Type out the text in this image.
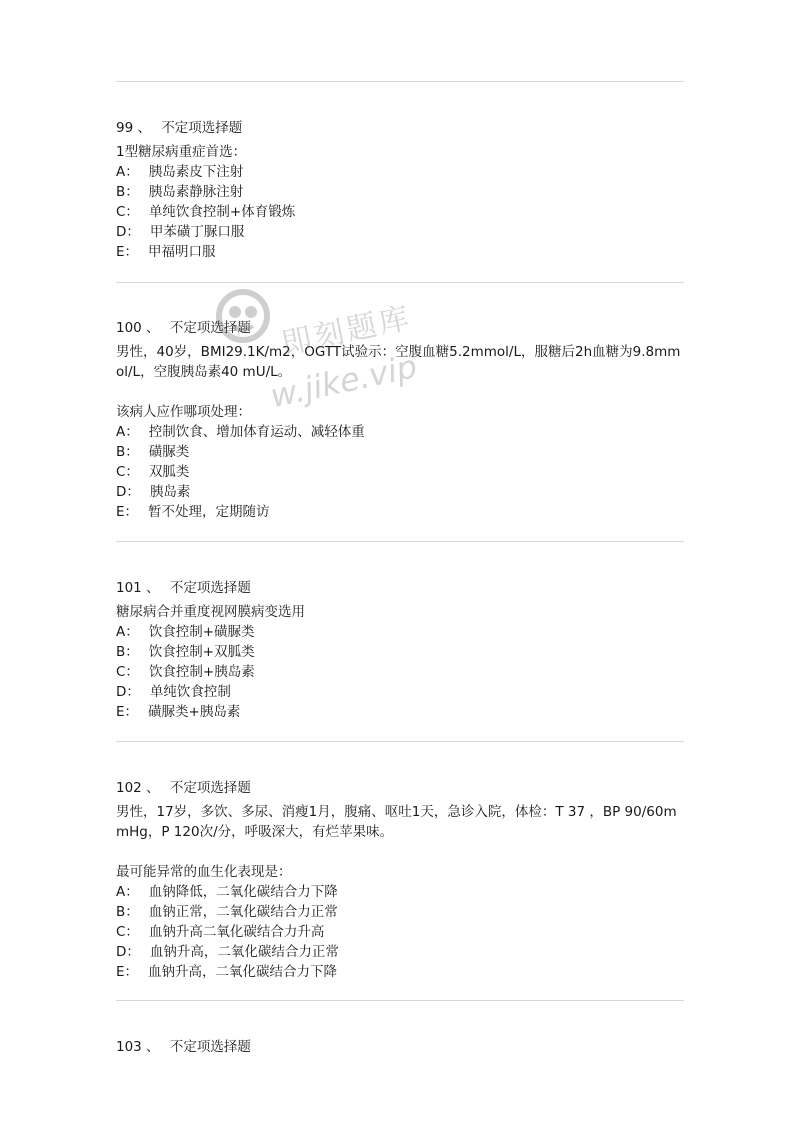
99 、 不定项选择题
1型糖尿病重症首选：
A： 胰岛素皮下注射
B： 胰岛素静脉注射
C： 单纯饮食控制+体育锻炼
D： 甲苯磺丁脲口服
E： 甲福明口服
100 、 不定项选择题
男性，40岁，BMI29.1K/m2，OGTT试验示：空腹血糖5.2mmol/L，服糖后2h血糖为9.8mmol/L，空腹胰岛素40 mU/L。
该病人应作哪项处理：
A： 控制饮食、增加体育运动、减轻体重
B： 磺脲类
C： 双胍类
D： 胰岛素
E： 暂不处理，定期随访
101 、 不定项选择题
糖尿病合并重度视网膜病变选用
A： 饮食控制+磺脲类
B： 饮食控制+双胍类
C： 饮食控制+胰岛素
D： 单纯饮食控制
E： 磺脲类+胰岛素
102 、 不定项选择题
男性，17岁，多饮、多尿、消瘦1月，腹痛、呕吐1天，急诊入院，体检：T 37 ，BP 90/60mmHg，P 120次/分，呼吸深大，有烂苹果味。
最可能异常的血生化表现是：
A： 血钠降低，二氧化碳结合力下降
B： 血钠正常，二氧化碳结合力正常
C： 血钠升高二氧化碳结合力升高
D： 血钠升高，二氧化碳结合力正常
E： 血钠升高，二氧化碳结合力下降
103 、 不定项选择题
即刻题库
w.jike.vip
